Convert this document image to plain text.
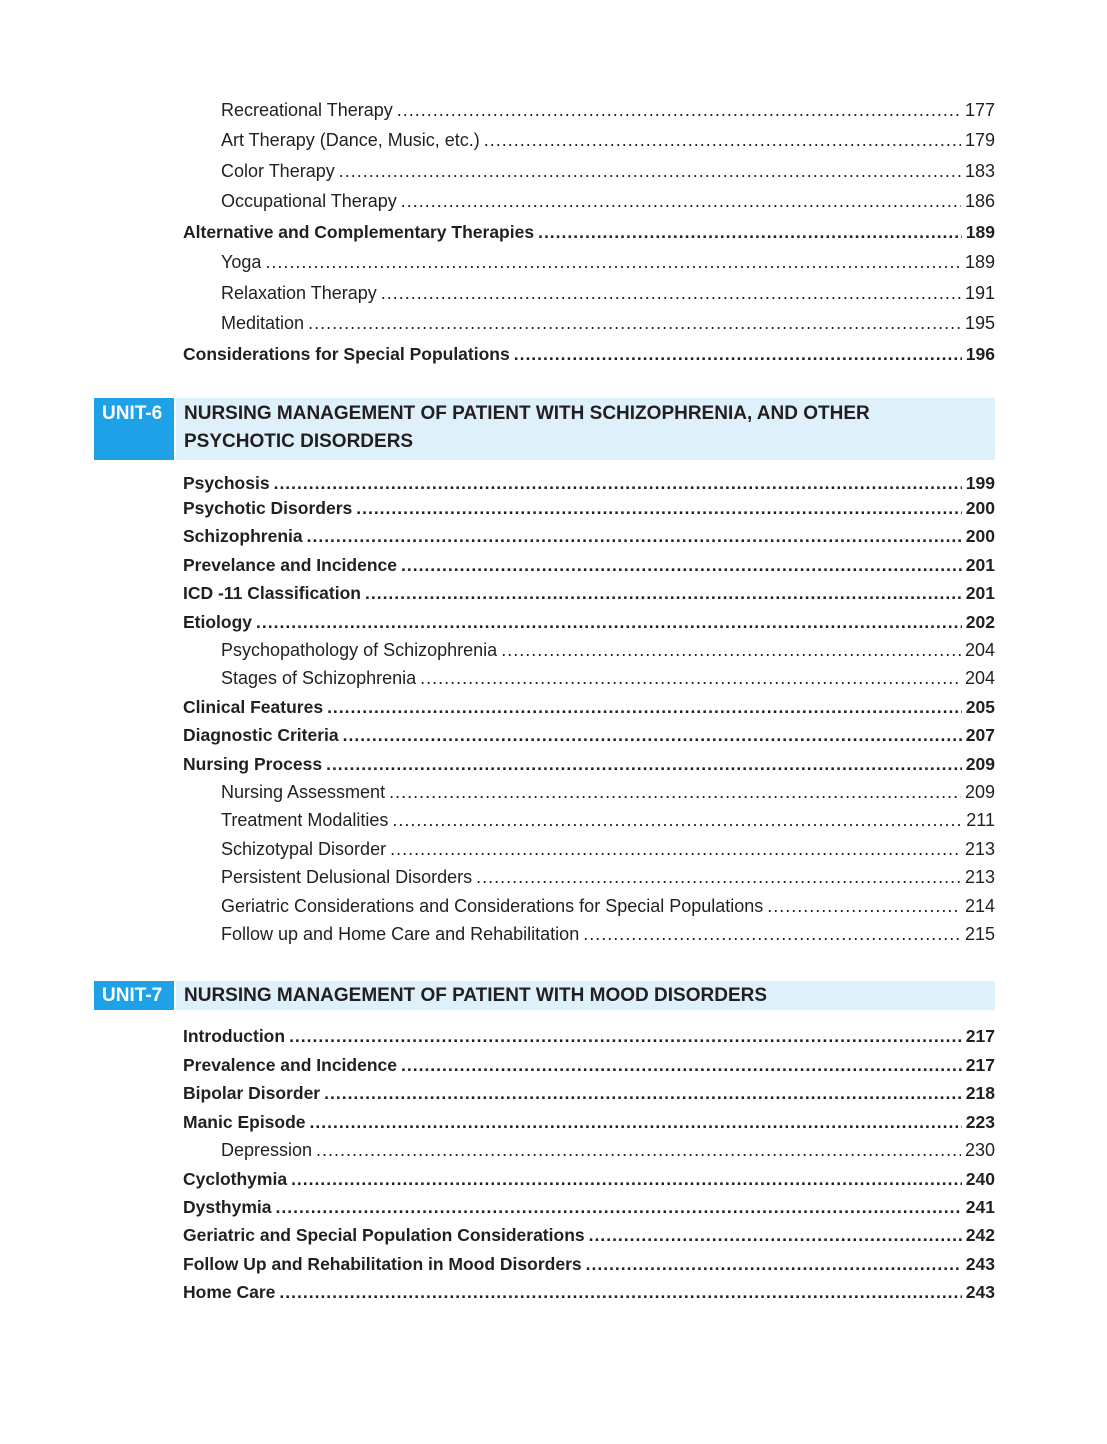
Recreational Therapy .....	177
Art Therapy (Dance, Music, etc.) .....	179
Color Therapy .....	183
Occupational Therapy .....	186
Alternative and Complementary Therapies .....	189
Yoga .....	189
Relaxation Therapy .....	191
Meditation .....	195
Considerations for Special Populations .....	196
UNIT-6	NURSING MANAGEMENT OF PATIENT WITH SCHIZOPHRENIA, AND OTHER
PSYCHOTIC DISORDERS
Psychosis .....	199
Psychotic Disorders .....	200
Schizophrenia .....	200
Prevelance and Incidence .....	201
ICD -11 Classification .....	201
Etiology .....	202
Psychopathology of Schizophrenia .....	204
Stages of Schizophrenia .....	204
Clinical Features .....	205
Diagnostic Criteria .....	207
Nursing Process .....	209
Nursing Assessment .....	209
Treatment Modalities .....	211
Schizotypal Disorder .....	213
Persistent Delusional Disorders .....	213
Geriatric Considerations and Considerations for Special Populations .....	214
Follow up and Home Care and Rehabilitation .....	215
UNIT-7	NURSING MANAGEMENT OF PATIENT WITH MOOD DISORDERS
Introduction .....	217
Prevalence and Incidence .....	217
Bipolar Disorder .....	218
Manic Episode .....	223
Depression .....	230
Cyclothymia .....	240
Dysthymia .....	241
Geriatric and Special Population Considerations .....	242
Follow Up and Rehabilitation in Mood Disorders .....	243
Home Care .....	243
